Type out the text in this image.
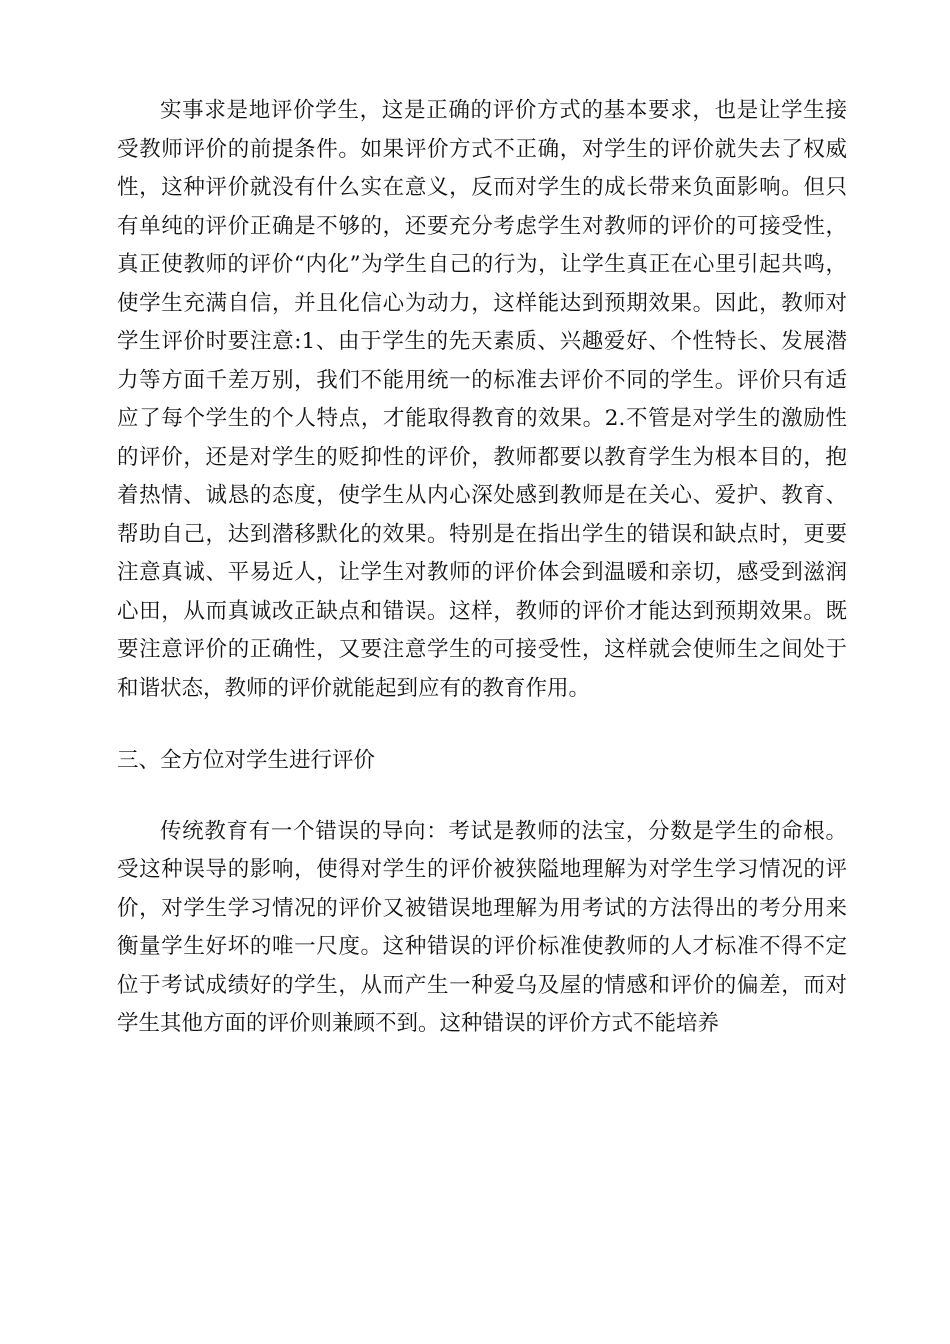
实事求是地评价学生，这是正确的评价方式的基本要求，也是让学生接受教师评价的前提条件。如果评价方式不正确，对学生的评价就失去了权威性，这种评价就没有什么实在意义，反而对学生的成长带来负面影响。但只有单纯的评价正确是不够的，还要充分考虑学生对教师的评价的可接受性，真正使教师的评价“内化”为学生自己的行为，让学生真正在心里引起共鸣，使学生充满自信，并且化信心为动力，这样能达到预期效果。因此，教师对学生评价时要注意:1、由于学生的先天素质、兴趣爱好、个性特长、发展潜力等方面千差万别，我们不能用统一的标准去评价不同的学生。评价只有适应了每个学生的个人特点，才能取得教育的效果。2.不管是对学生的激励性的评价，还是对学生的贬抑性的评价，教师都要以教育学生为根本目的，抱着热情、诚恳的态度，使学生从内心深处感到教师是在关心、爱护、教育、帮助自己，达到潜移默化的效果。特别是在指出学生的错误和缺点时，更要注意真诚、平易近人，让学生对教师的评价体会到温暖和亲切，感受到滋润心田，从而真诚改正缺点和错误。这样，教师的评价才能达到预期效果。既要注意评价的正确性，又要注意学生的可接受性，这样就会使师生之间处于和谐状态，教师的评价就能起到应有的教育作用。

三、全方位对学生进行评价

传统教育有一个错误的导向：考试是教师的法宝，分数是学生的命根。受这种误导的影响，使得对学生的评价被狭隘地理解为对学生学习情况的评价，对学生学习情况的评价又被错误地理解为用考试的方法得出的考分用来衡量学生好坏的唯一尺度。这种错误的评价标准使教师的人才标准不得不定位于考试成绩好的学生，从而产生一种爱乌及屋的情感和评价的偏差，而对学生其他方面的评价则兼顾不到。这种错误的评价方式不能培养
